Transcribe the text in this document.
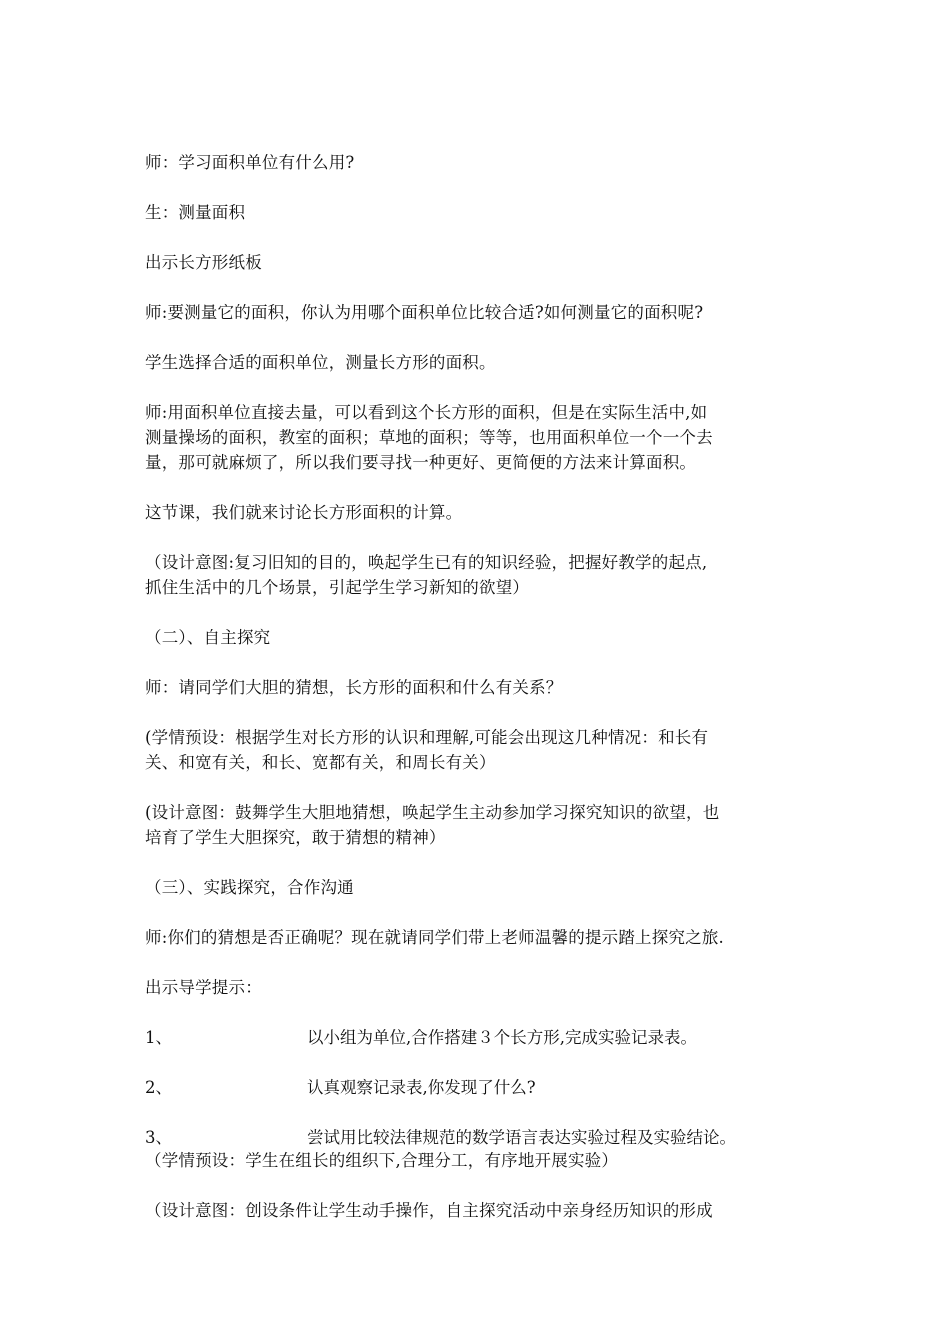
师：学习面积单位有什么用?
生：测量面积
出示长方形纸板
师:要测量它的面积，你认为用哪个面积单位比较合适?如何测量它的面积呢?
学生选择合适的面积单位，测量长方形的面积。
师:用面积单位直接去量，可以看到这个长方形的面积，但是在实际生活中,如
测量操场的面积，教室的面积；草地的面积；等等，也用面积单位一个一个去
量，那可就麻烦了，所以我们要寻找一种更好、更简便的方法来计算面积。
这节课，我们就来讨论长方形面积的计算。
（设计意图:复习旧知的目的，唤起学生已有的知识经验，把握好教学的起点,
抓住生活中的几个场景，引起学生学习新知的欲望）
（二）、自主探究
师：请同学们大胆的猜想，长方形的面积和什么有关系？
(学情预设：根据学生对长方形的认识和理解,可能会出现这几种情况：和长有
关、和宽有关，和长、宽都有关，和周长有关）
(设计意图：鼓舞学生大胆地猜想，唤起学生主动参加学习探究知识的欲望，也
培育了学生大胆探究，敢于猜想的精神）
（三）、实践探究，合作沟通
师:你们的猜想是否正确呢？现在就请同学们带上老师温馨的提示踏上探究之旅.
出示导学提示：
1、	以小组为单位,合作搭建３个长方形,完成实验记录表。
2、	认真观察记录表,你发现了什么?
3、	尝试用比较法律规范的数学语言表达实验过程及实验结论。
（学情预设：学生在组长的组织下,合理分工，有序地开展实验）
（设计意图：创设条件让学生动手操作，自主探究活动中亲身经历知识的形成
